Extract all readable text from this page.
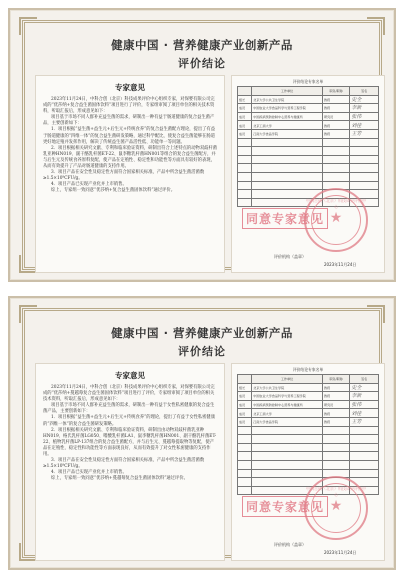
健康中国 · 营养健康产业创新产品
评价结论
专家意见

2023年11月24日，中科合创（北京）科技成果评价中心组织专家，对保婴有限公司完成的“优莎纳+复合益生菌固体饮料”项目进行了评价，专家组审阅了项目单位的相关技术资料，听取汇报后，形成意见如下：

项目基于市场不同人群补充益生菌的需求，研制出一种有益于肠道健康的复合益生菌产品，主要创新如下：

1．项目根据“益生菌+益生元+后生元+传统食养”的复合益生菌配方理论，提出了有益于肠道健康的“四维一体”的复合益生菌研发策略，通过科学配比，使复合益生菌能够在肠道更好地定殖并发挥作用，解决了传统益生菌产品活性低、功能单一等问题。

2．项目根据相关研究文献、专利和临床验证资料，研制出符合上述特点的动物双歧杆菌乳亚种HN019、副干酪乳杆菌ET-22、鼠李糖乳杆菌HN001等组合的复合益生菌配方，并与后生元及传统食养原料复配，使产品在定殖性、稳定性和功能性等方面具有较好的表现，从而有效提升了产品对肠道健康的支持作用。

3．项目产品在安全性及稳定性方面符合国家相关标准，产品中所含益生菌活菌数≥1.5×10⁹CFU/g。

4．项目产品已实现产业化并上市销售。

综上，专家组一致同意“优莎纳+复合益生菌固体饮料”通过评价。

评价结论专家名单
	工作单位	职务/职称	签名
组长	北京大学公共卫生学院	教授	史全
成员	中国农业大学食品科学与营养工程学院	教授	李新
成员	中国疾病预防控制中心营养与健康所	研究员	张伟
成员	北京工商大学	教授	刘佳
成员	江南大学食品学院	教授	王芳

同意专家意见
中科合创（北京）科技成果评价中心
★
评价机构（盖章）
2023年11月24日
健康中国 · 营养健康产业创新产品
评价结论
专家意见

2023年11月24日，中科合创（北京）科技成果评价中心组织专家，对保婴有限公司完成的“优莎纳+蔓越莓复合益生菌固体饮料”项目进行了评价，专家组审阅了项目单位的相关技术资料，听取汇报后，形成意见如下：

项目基于市场不同人群补充益生菌的需求，研制出一种有益于女性私密健康的复合益生菌产品，主要创新如下：

1．项目根据“益生菌+益生元+后生元+传统食养”的理论，提出了有益于女性私密健康的“四维一体”的复合益生菌研发策略。

2．项目根据相关研究文献、专利和临床验证资料，研制出由动物双歧杆菌乳亚种HN019、格氏乳杆菌LG050、嗜酸乳杆菌LA1、鼠李糖乳杆菌HN001、副干酪乳杆菌ET-22、植物乳杆菌LP-137组合的复合益生菌配方，并与后生元、蔓越莓提取物等复配，使产品在定殖性、稳定性和功能性等方面表现良好，从而有效提升了对女性私密健康的支持作用。

3．项目产品在安全性及稳定性方面符合国家相关标准，产品中所含益生菌活菌数≥1.5×10⁹CFU/g。

4．项目产品已实现产业化并上市销售。

综上，专家组一致同意“优莎纳+蔓越莓复合益生菌固体饮料”通过评价。

评价结论专家名单
	工作单位	职务/职称	签名
组长	北京大学公共卫生学院	教授	史全
成员	中国农业大学食品科学与营养工程学院	教授	李新
成员	中国疾病预防控制中心营养与健康所	研究员	张伟
成员	北京工商大学	教授	刘佳
成员	江南大学食品学院	教授	王芳

同意专家意见
中科合创（北京）科技成果评价中心
★
评价机构（盖章）
2023年11月24日
